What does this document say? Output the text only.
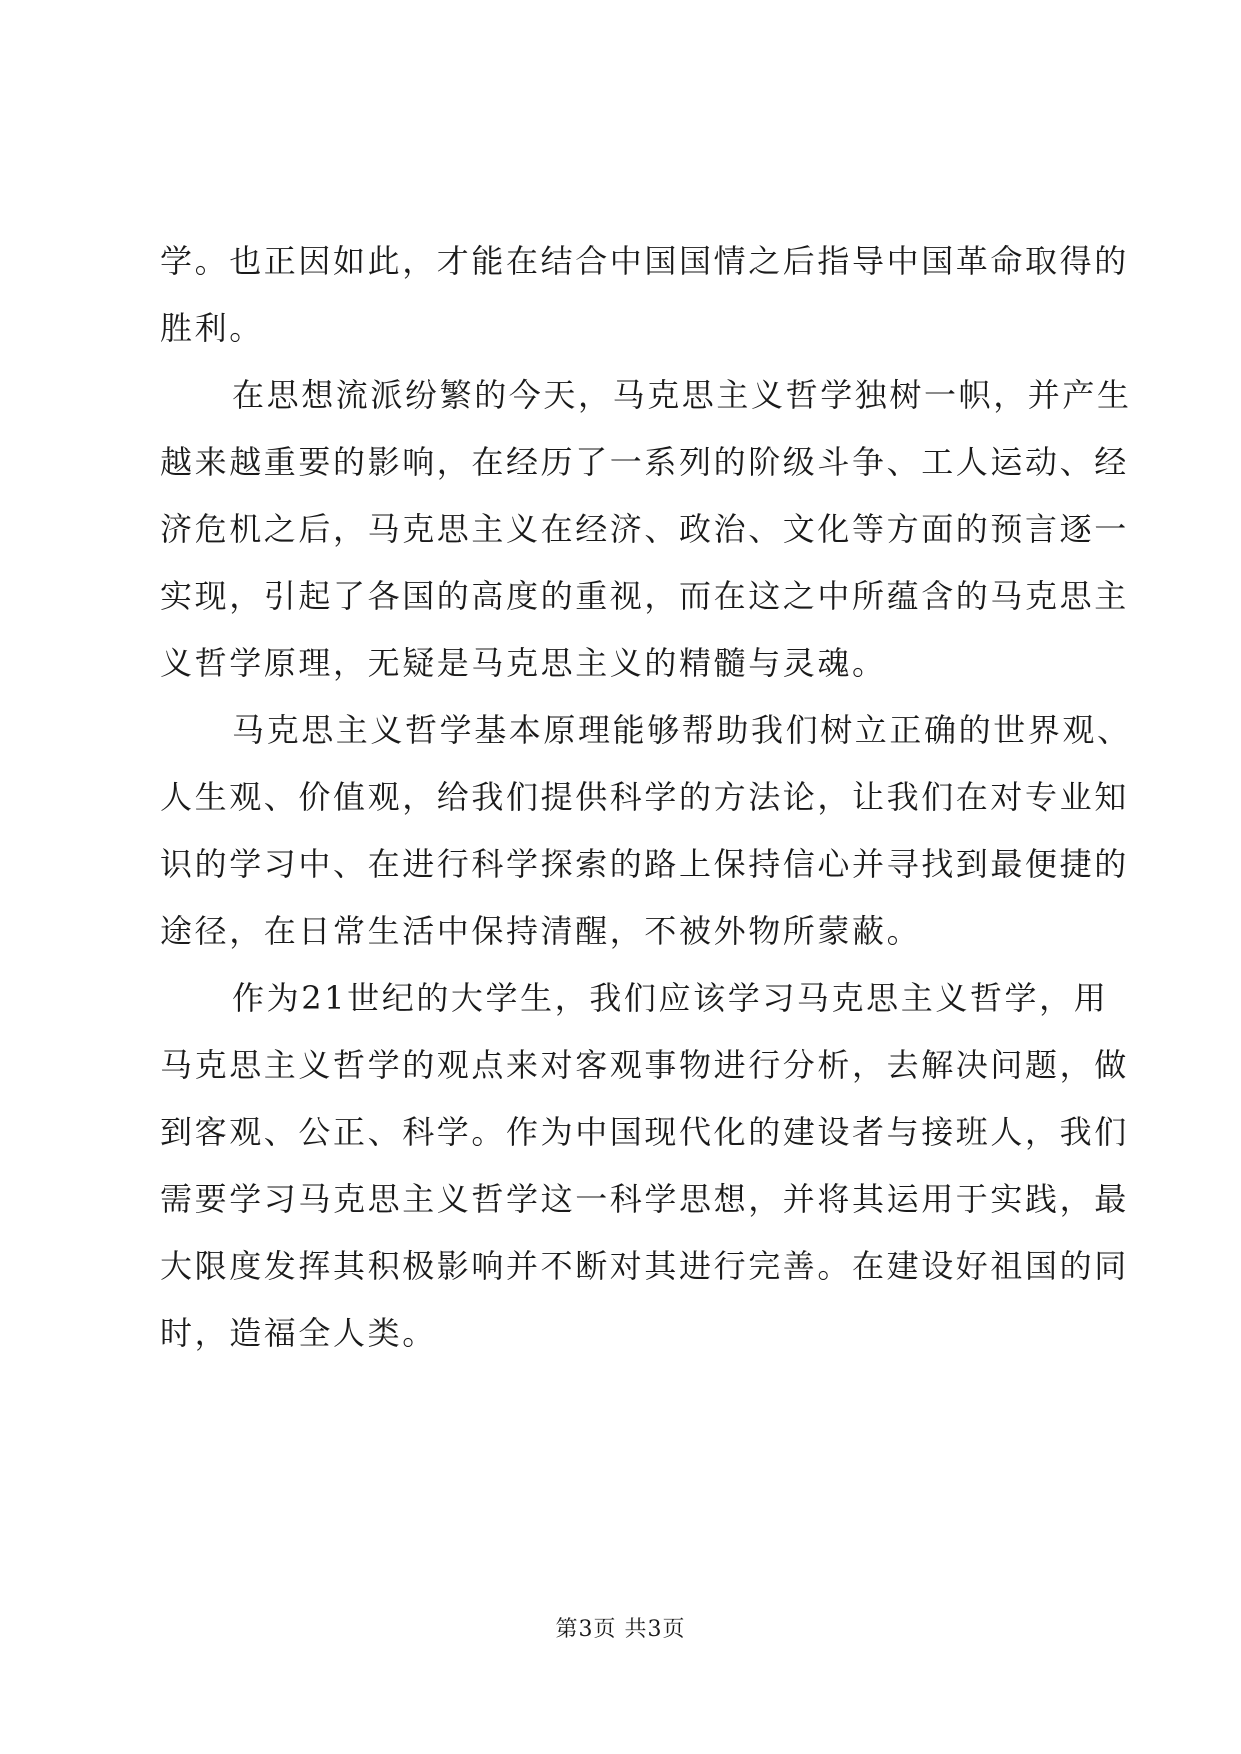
学。也正因如此，才能在结合中国国情之后指导中国革命取得的
胜利。
在思想流派纷繁的今天，马克思主义哲学独树一帜，并产生
越来越重要的影响，在经历了一系列的阶级斗争、工人运动、经
济危机之后，马克思主义在经济、政治、文化等方面的预言逐一
实现，引起了各国的高度的重视，而在这之中所蕴含的马克思主
义哲学原理，无疑是马克思主义的精髓与灵魂。
马克思主义哲学基本原理能够帮助我们树立正确的世界观、
人生观、价值观，给我们提供科学的方法论，让我们在对专业知
识的学习中、在进行科学探索的路上保持信心并寻找到最便捷的
途径，在日常生活中保持清醒，不被外物所蒙蔽。
作为21世纪的大学生，我们应该学习马克思主义哲学，用
马克思主义哲学的观点来对客观事物进行分析，去解决问题，做
到客观、公正、科学。作为中国现代化的建设者与接班人，我们
需要学习马克思主义哲学这一科学思想，并将其运用于实践，最
大限度发挥其积极影响并不断对其进行完善。在建设好祖国的同
时，造福全人类。
第3页 共3页
